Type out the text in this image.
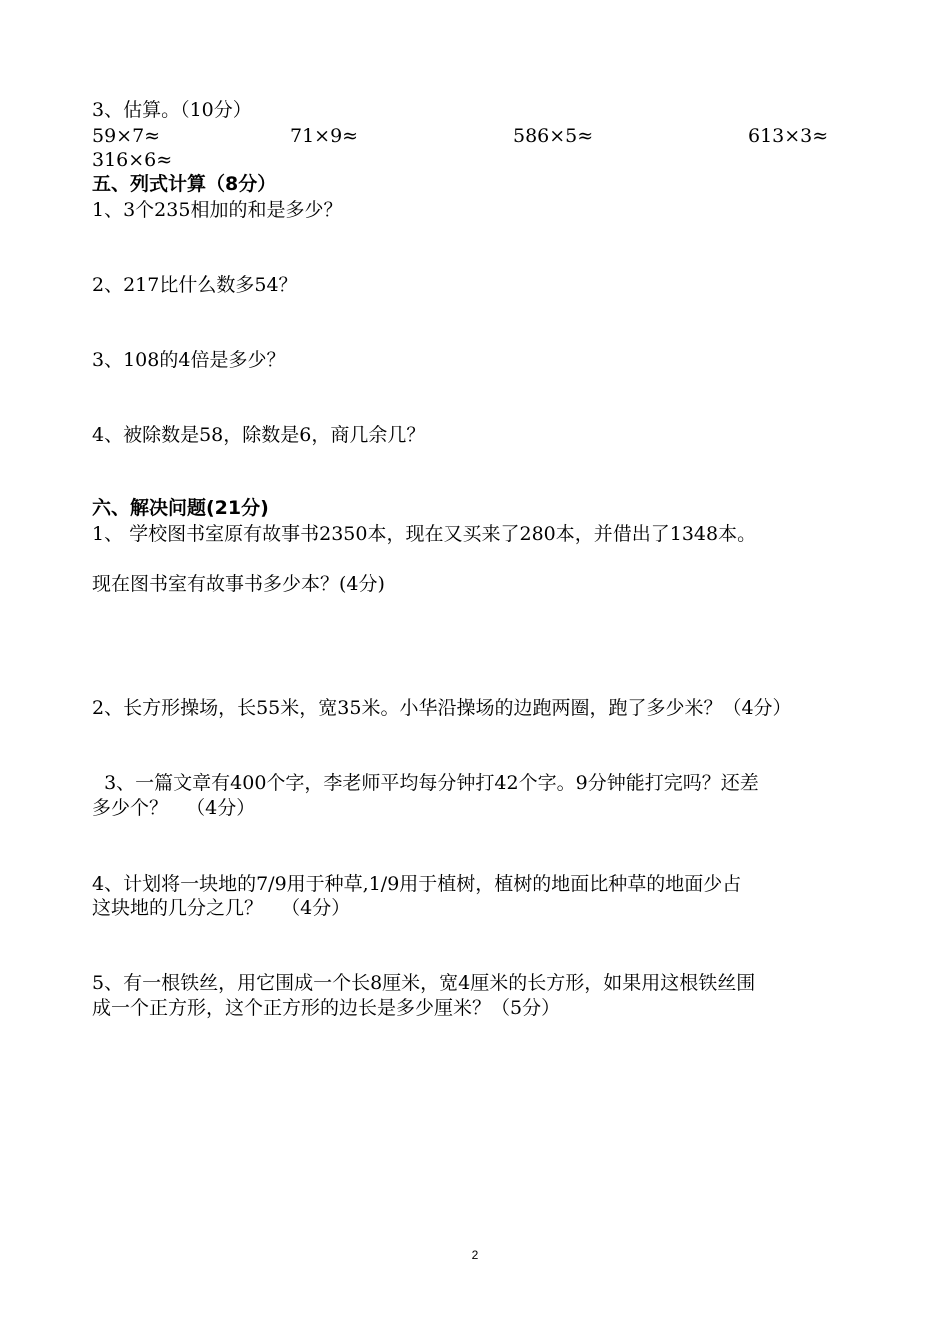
3、估算。（10分）
59×7≈	71×9≈	586×5≈	613×3≈
316×6≈
五、列式计算（8分）
1、3个235相加的和是多少？
2、217比什么数多54？
3、108的4倍是多少？
4、被除数是58，除数是6，商几余几？
六、解决问题(21分)
1、 学校图书室原有故事书2350本，现在又买来了280本，并借出了1348本。
现在图书室有故事书多少本？(4分)
2、长方形操场，长55米，宽35米。小华沿操场的边跑两圈，跑了多少米？（4分）
3、一篇文章有400个字，李老师平均每分钟打42个字。9分钟能打完吗？还差
多少个？   （4分）
4、计划将一块地的7/9用于种草,1/9用于植树，植树的地面比种草的地面少占
这块地的几分之几？   （4分）
5、有一根铁丝，用它围成一个长8厘米，宽4厘米的长方形，如果用这根铁丝围
成一个正方形，这个正方形的边长是多少厘米？（5分）
2
